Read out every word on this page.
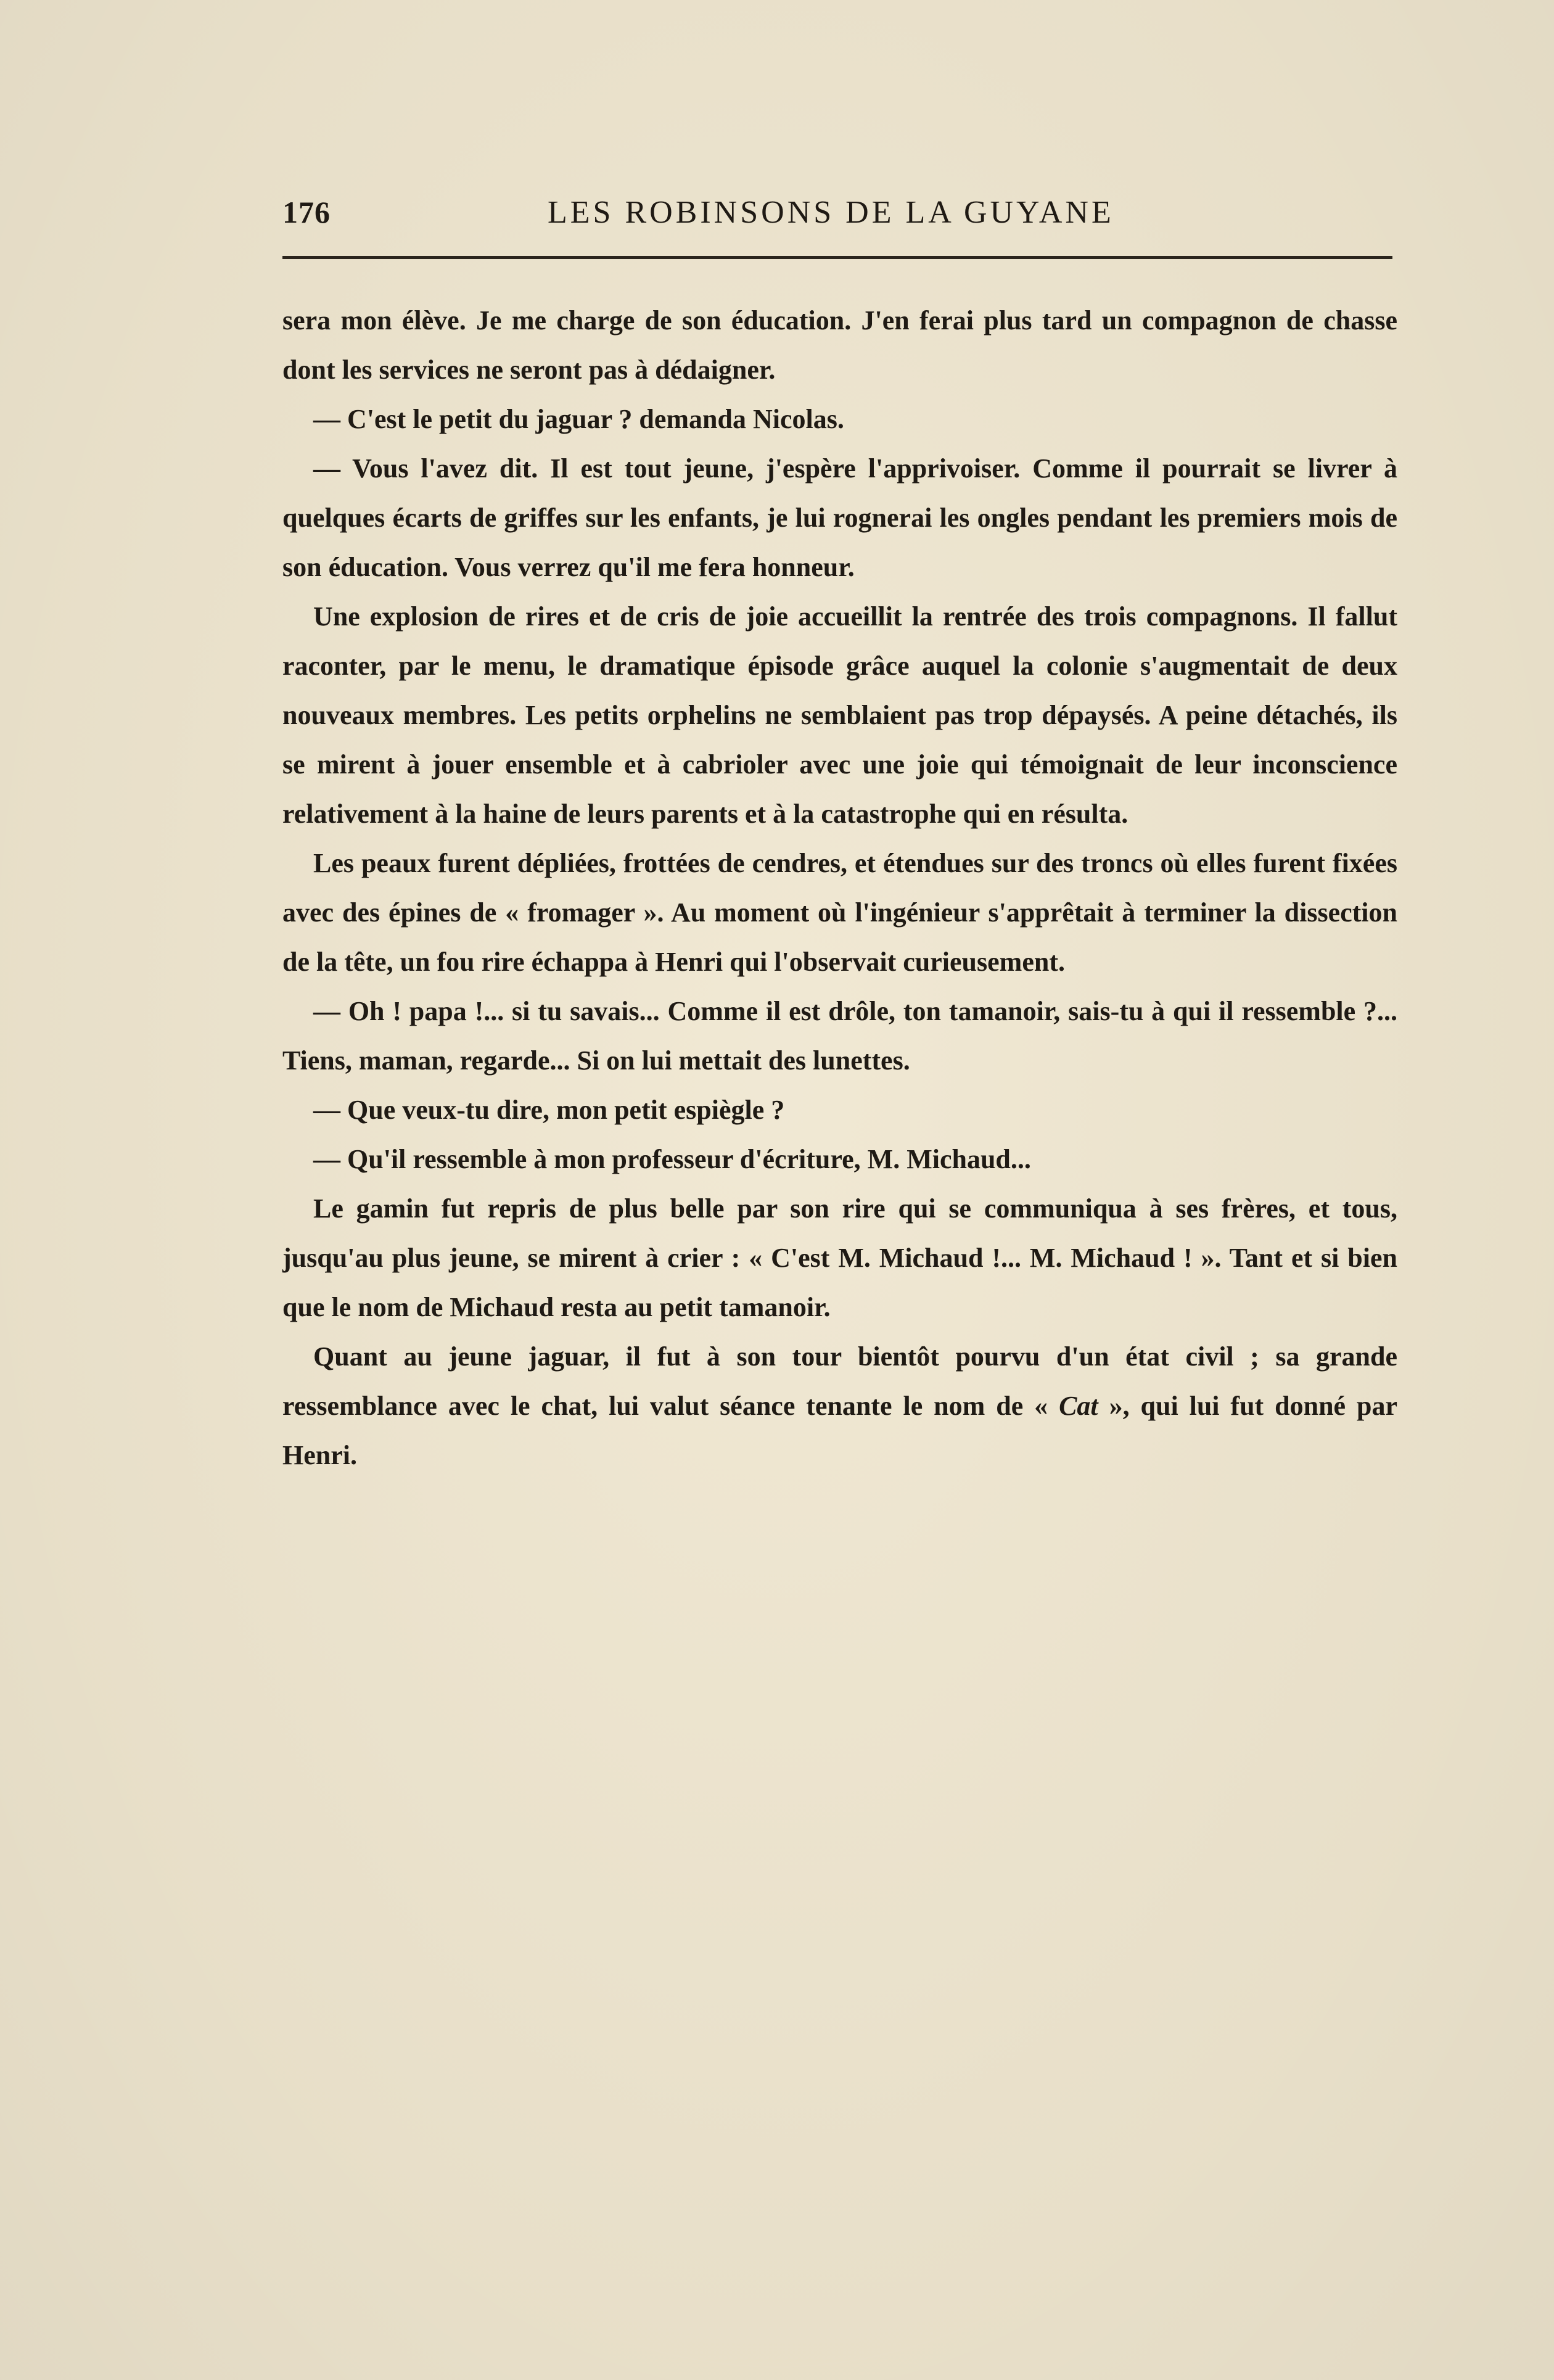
176	LES ROBINSONS DE LA GUYANE

sera mon élève. Je me charge de son éducation. J'en ferai plus tard un compagnon de chasse dont les services ne seront pas à dédaigner.

— C'est le petit du jaguar ? demanda Nicolas.

— Vous l'avez dit. Il est tout jeune, j'espère l'apprivoiser. Comme il pourrait se livrer à quelques écarts de griffes sur les enfants, je lui rognerai les ongles pendant les premiers mois de son éducation. Vous verrez qu'il me fera honneur.

Une explosion de rires et de cris de joie accueillit la rentrée des trois compagnons. Il fallut raconter, par le menu, le dramatique épisode grâce auquel la colonie s'augmentait de deux nouveaux membres. Les petits orphelins ne semblaient pas trop dépaysés. A peine détachés, ils se mirent à jouer ensemble et à cabrioler avec une joie qui témoignait de leur inconscience relativement à la haine de leurs parents et à la catastrophe qui en résulta.

Les peaux furent dépliées, frottées de cendres, et étendues sur des troncs où elles furent fixées avec des épines de « fromager ». Au moment où l'ingénieur s'apprêtait à terminer la dissection de la tête, un fou rire échappa à Henri qui l'observait curieusement.

— Oh ! papa !... si tu savais... Comme il est drôle, ton tamanoir, sais-tu à qui il ressemble ?... Tiens, maman, regarde... Si on lui mettait des lunettes.

— Que veux-tu dire, mon petit espiègle ?

— Qu'il ressemble à mon professeur d'écriture, M. Michaud...

Le gamin fut repris de plus belle par son rire qui se communiqua à ses frères, et tous, jusqu'au plus jeune, se mirent à crier : « C'est M. Michaud !... M. Michaud ! ». Tant et si bien que le nom de Michaud resta au petit tamanoir.

Quant au jeune jaguar, il fut à son tour bientôt pourvu d'un état civil ; sa grande ressemblance avec le chat, lui valut séance tenante le nom de « Cat », qui lui fut donné par Henri.
